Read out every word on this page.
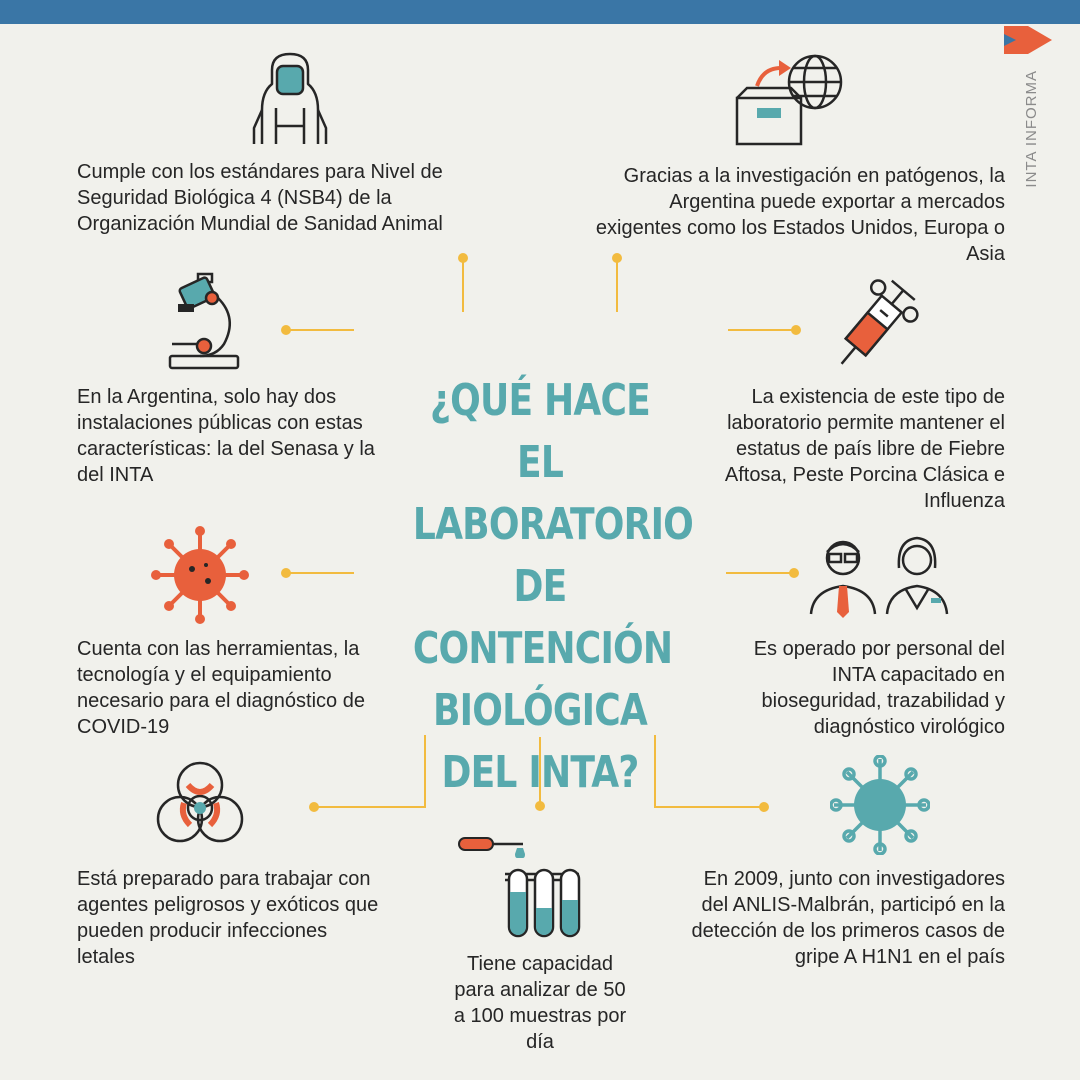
INTA INFORMA
¿QUÉ HACE EL
LABORATORIO
DE CONTENCIÓN
BIOLÓGICA
DEL INTA?

Cumple con los estándares para Nivel de Seguridad Biológica 4 (NSB4) de la Organización Mundial de Sanidad Animal

Gracias a la investigación en patógenos, la Argentina puede exportar a mercados exigentes como los Estados Unidos, Europa o Asia

En la Argentina, solo hay dos instalaciones públicas con estas características: la del Senasa y la del INTA

La existencia de este tipo de laboratorio permite mantener el estatus de país libre de Fiebre Aftosa, Peste Porcina Clásica e Influenza

Cuenta con las herramientas, la tecnología y el equipamiento necesario para el diagnóstico de COVID-19

Es operado por personal del INTA capacitado en bioseguridad, trazabilidad y diagnóstico virológico

Está preparado para trabajar con agentes peligrosos y exóticos que pueden producir infecciones letales	Tiene capacidad para analizar de 50 a 100 muestras por día

En 2009, junto con investigadores del ANLIS-Malbrán, participó en la detección de los primeros casos de gripe A H1N1 en el país
